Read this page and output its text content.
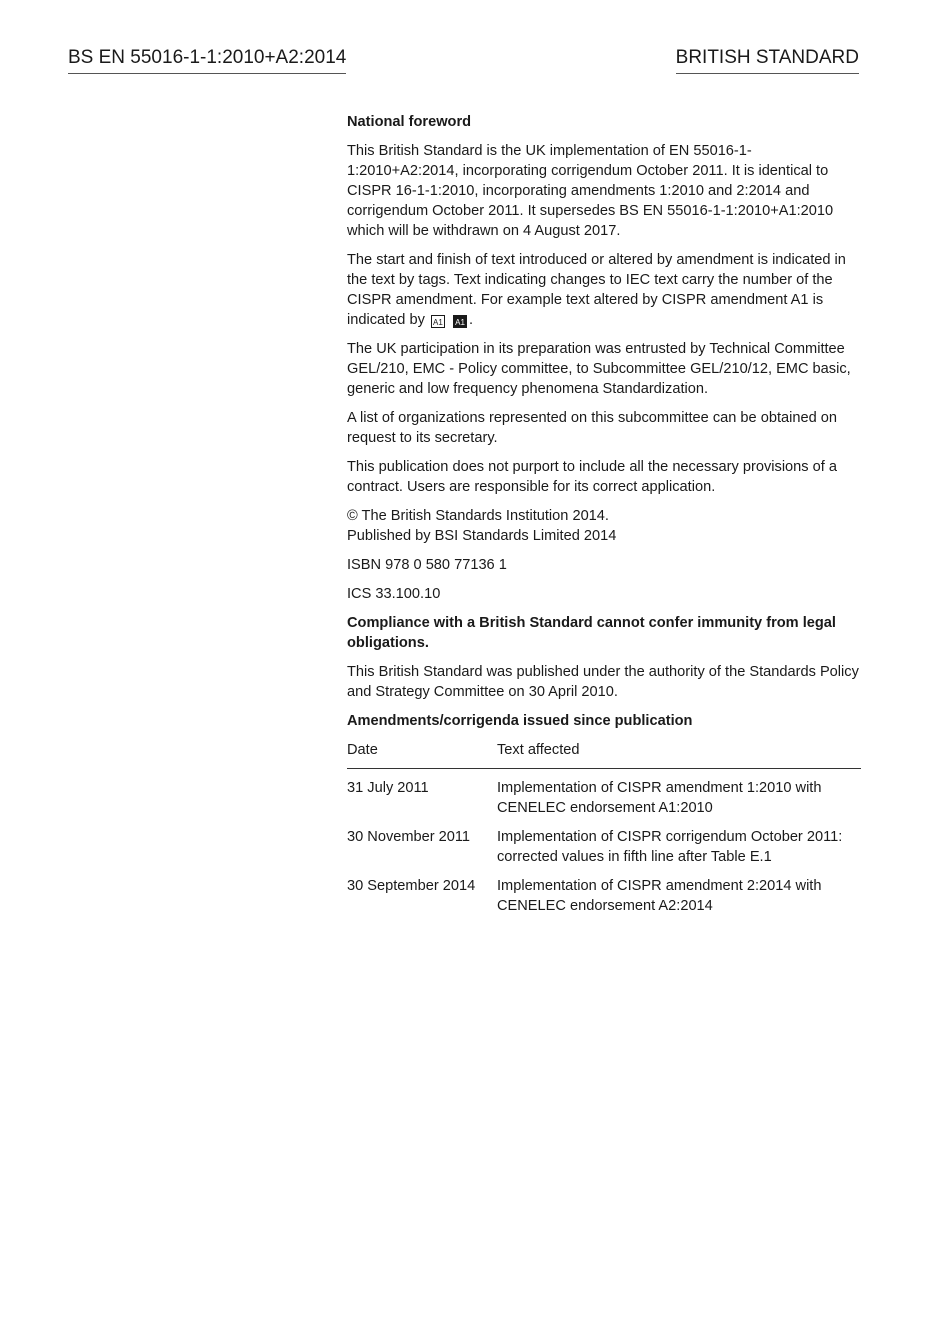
BS EN 55016-1-1:2010+A2:2014	BRITISH STANDARD

National foreword

This British Standard is the UK implementation of EN 55016-1-1:2010+A2:2014, incorporating corrigendum October 2011. It is identical to CISPR 16-1-1:2010, incorporating amendments 1:2010 and 2:2014 and corrigendum October 2011. It supersedes BS EN 55016-1-1:2010+A1:2010 which will be withdrawn on 4 August 2017.

The start and finish of text introduced or altered by amendment is indicated in the text by tags. Text indicating changes to IEC text carry the number of the CISPR amendment. For example text altered by CISPR amendment A1 is indicated by A1 A1 .

The UK participation in its preparation was entrusted by Technical Committee GEL/210, EMC - Policy committee, to Subcommittee GEL/210/12, EMC basic, generic and low frequency phenomena Standardization.

A list of organizations represented on this subcommittee can be obtained on request to its secretary.

This publication does not purport to include all the necessary provisions of a contract. Users are responsible for its correct application.

© The British Standards Institution 2014.
Published by BSI Standards Limited 2014

ISBN 978 0 580 77136 1

ICS 33.100.10

Compliance with a British Standard cannot confer immunity from legal obligations.

This British Standard was published under the authority of the Standards Policy and Strategy Committee on 30 April 2010.

Amendments/corrigenda issued since publication

Date	Text affected
31 July 2011	Implementation of CISPR amendment 1:2010 with CENELEC endorsement A1:2010
30 November 2011	Implementation of CISPR corrigendum October 2011: corrected values in fifth line after Table E.1
30 September 2014	Implementation of CISPR amendment 2:2014 with CENELEC endorsement A2:2014
